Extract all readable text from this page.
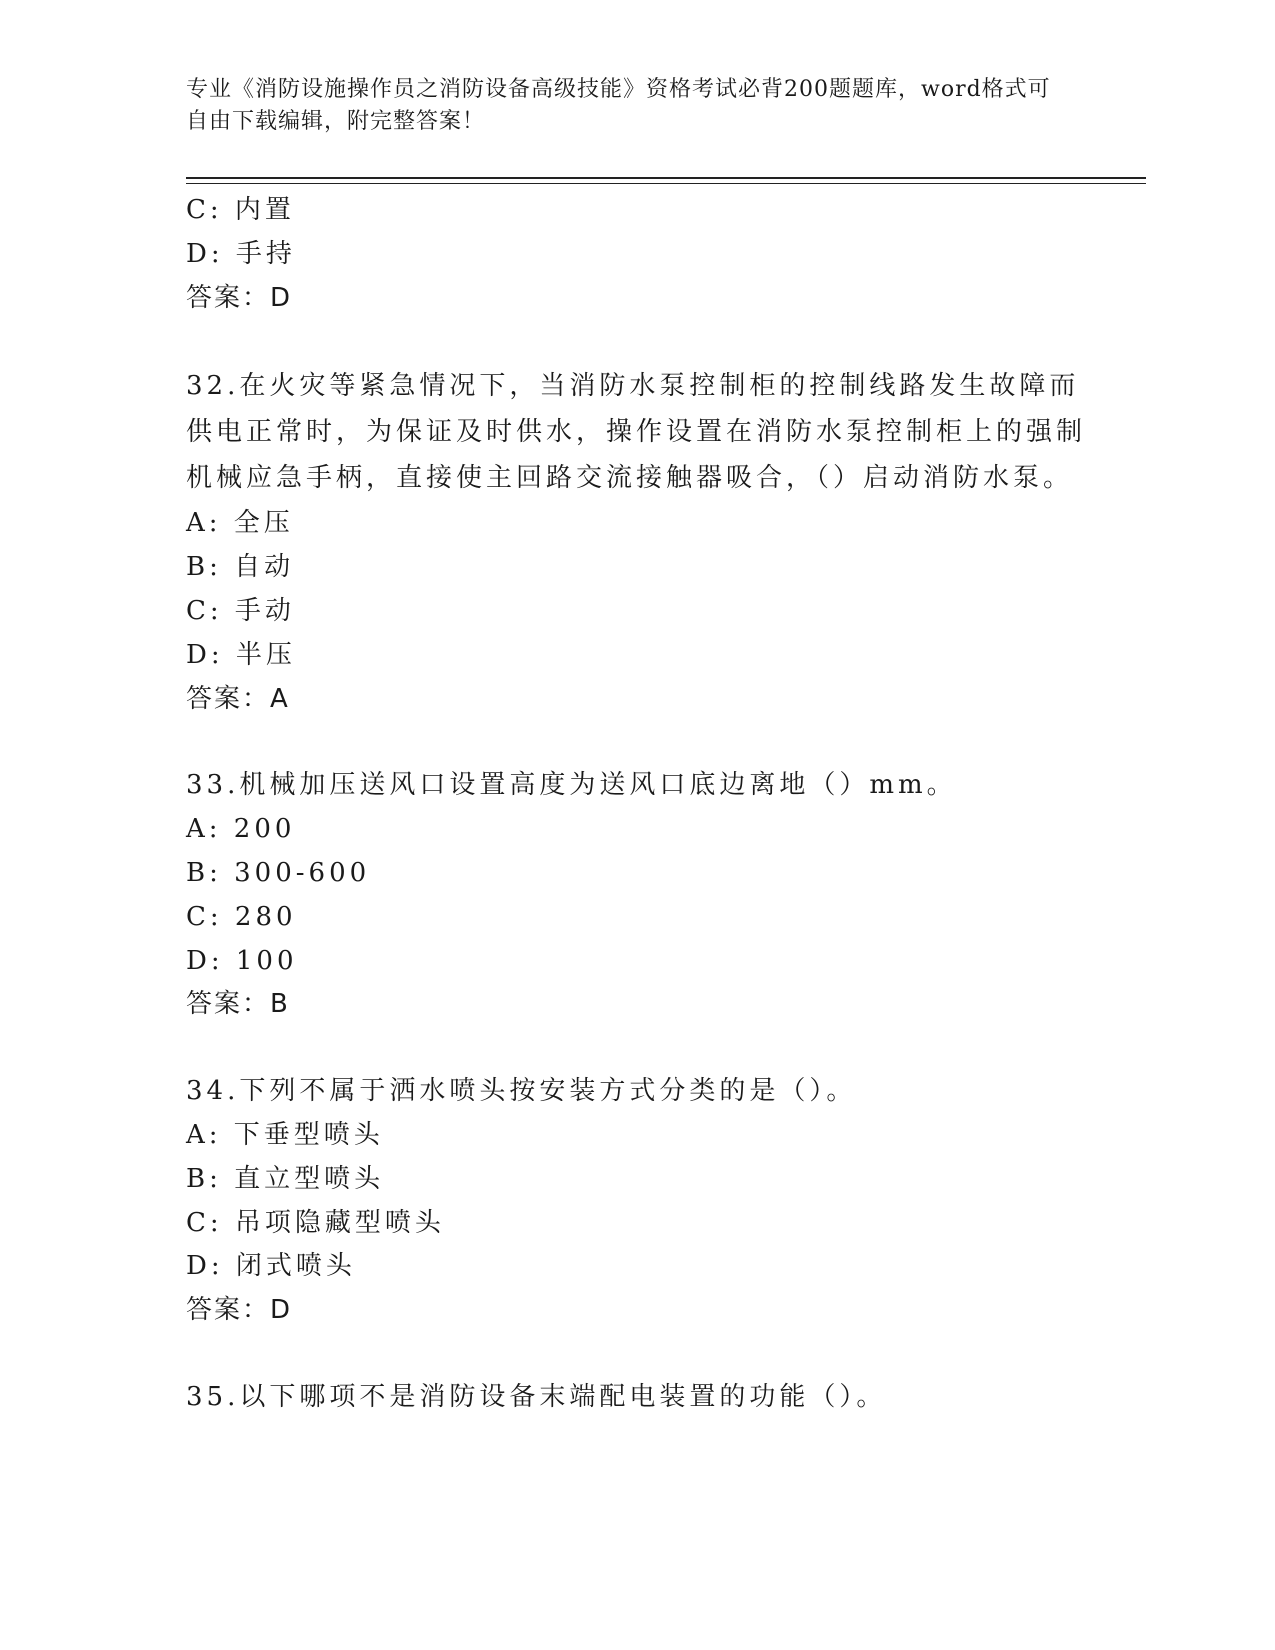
专业《消防设施操作员之消防设备高级技能》资格考试必背200题题库，word格式可自由下载编辑，附完整答案！
C: 内置
D: 手持
答案：D
32.在火灾等紧急情况下，当消防水泵控制柜的控制线路发生故障而供电正常时，为保证及时供水，操作设置在消防水泵控制柜上的强制机械应急手柄，直接使主回路交流接触器吸合，（）启动消防水泵。
A: 全压
B: 自动
C: 手动
D: 半压
答案：A
33.机械加压送风口设置高度为送风口底边离地（）mm。
A: 200
B: 300-600
C: 280
D: 100
答案：B
34.下列不属于洒水喷头按安装方式分类的是（）。
A: 下垂型喷头
B: 直立型喷头
C: 吊项隐藏型喷头
D: 闭式喷头
答案：D
35.以下哪项不是消防设备末端配电装置的功能（）。
